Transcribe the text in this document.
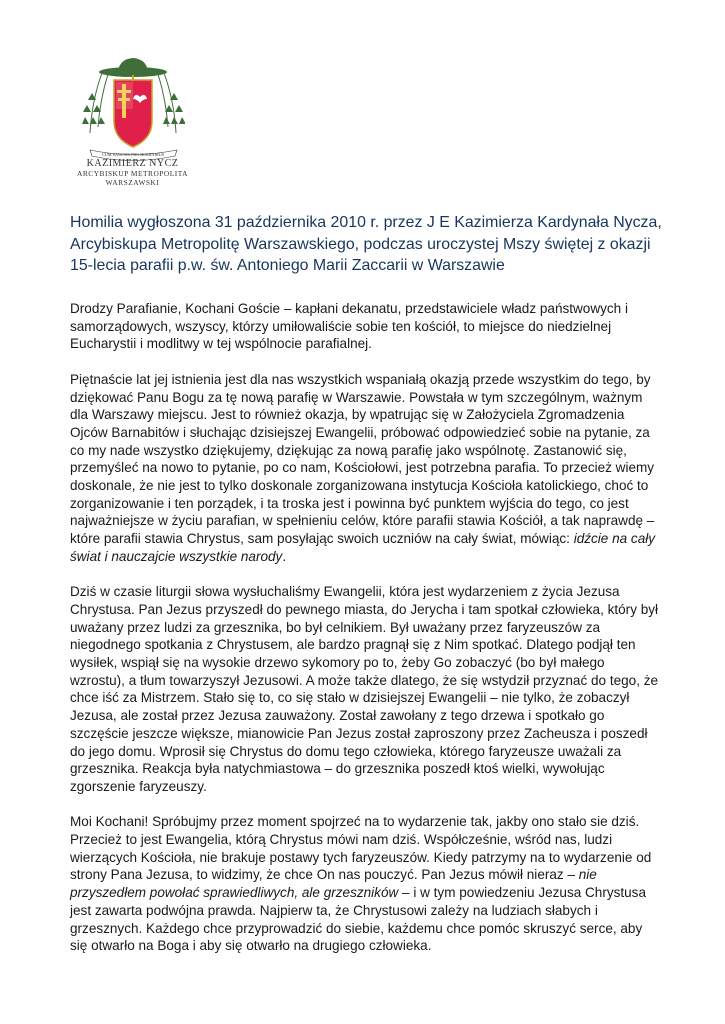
CUM SANCTIS PRO HOMINIBUS
KAZIMIERZ NYCZ
ARCYBISKUP METROPOLITA
WARSZAWSKI
Homilia wygłoszona 31 października 2010 r. przez J E Kazimierza Kardynała Nycza, Arcybiskupa Metropolitę Warszawskiego, podczas uroczystej Mszy świętej z okazji 15-lecia parafii p.w. św. Antoniego Marii Zaccarii w Warszawie

Drodzy Parafianie, Kochani Goście – kapłani dekanatu, przedstawiciele władz państwowych i samorządowych, wszyscy, którzy umiłowaliście sobie ten kościół, to miejsce do niedzielnej Eucharystii i modlitwy w tej wspólnocie parafialnej.

Piętnaście lat jej istnienia jest dla nas wszystkich wspaniałą okazją przede wszystkim do tego, by dziękować Panu Bogu za tę nową parafię w Warszawie. Powstała w tym szczególnym, ważnym dla Warszawy miejscu. Jest to również okazja, by wpatrując się w Założyciela Zgromadzenia Ojców Barnabitów i słuchając dzisiejszej Ewangelii, próbować odpowiedzieć sobie na pytanie, za co my nade wszystko dziękujemy, dziękując za nową parafię jako wspólnotę. Zastanowić się, przemyśleć na nowo to pytanie, po co nam, Kościołowi, jest potrzebna parafia. To przecież wiemy doskonale, że nie jest to tylko doskonale zorganizowana instytucja Kościoła katolickiego, choć to zorganizowanie i ten porządek, i ta troska jest i powinna być punktem wyjścia do tego, co jest najważniejsze w życiu parafian, w spełnieniu celów, które parafii stawia Kościół, a tak naprawdę – które parafii stawia Chrystus, sam posyłając swoich uczniów na cały świat, mówiąc: idźcie na cały świat i nauczajcie wszystkie narody.

Dziś w czasie liturgii słowa wysłuchaliśmy Ewangelii, która jest wydarzeniem z życia Jezusa Chrystusa. Pan Jezus przyszedł do pewnego miasta, do Jerycha i tam spotkał człowieka, który był uważany przez ludzi za grzesznika, bo był celnikiem. Był uważany przez faryzeuszów za niegodnego spotkania z Chrystusem, ale bardzo pragnął się z Nim spotkać. Dlatego podjął ten wysiłek, wspiął się na wysokie drzewo sykomory po to, żeby Go zobaczyć (bo był małego wzrostu), a tłum towarzyszył Jezusowi. A może także dlatego, że się wstydził przyznać do tego, że chce iść za Mistrzem. Stało się to, co się stało w dzisiejszej Ewangelii – nie tylko, że zobaczył Jezusa, ale został przez Jezusa zauważony. Został zawołany z tego drzewa i spotkało go szczęście jeszcze większe, mianowicie Pan Jezus został zaproszony przez Zacheusza i poszedł do jego domu. Wprosił się Chrystus do domu tego człowieka, którego faryzeusze uważali za grzesznika. Reakcja była natychmiastowa – do grzesznika poszedł ktoś wielki, wywołując zgorszenie faryzeuszy.

Moi Kochani! Spróbujmy przez moment spojrzeć na to wydarzenie tak, jakby ono stało sie dziś. Przecież to jest Ewangelia, którą Chrystus mówi nam dziś. Współcześnie, wśród nas, ludzi wierzących Kościoła, nie brakuje postawy tych faryzeuszów. Kiedy patrzymy na to wydarzenie od strony Pana Jezusa, to widzimy, że chce On nas pouczyć. Pan Jezus mówił nieraz – nie przyszedłem powołać sprawiedliwych, ale grzeszników – i w tym powiedzeniu Jezusa Chrystusa jest zawarta podwójna prawda. Najpierw ta, że Chrystusowi zależy na ludziach słabych i grzesznych. Każdego chce przyprowadzić do siebie, każdemu chce pomóc skruszyć serce, aby się otwarło na Boga i aby się otwarło na drugiego człowieka.
